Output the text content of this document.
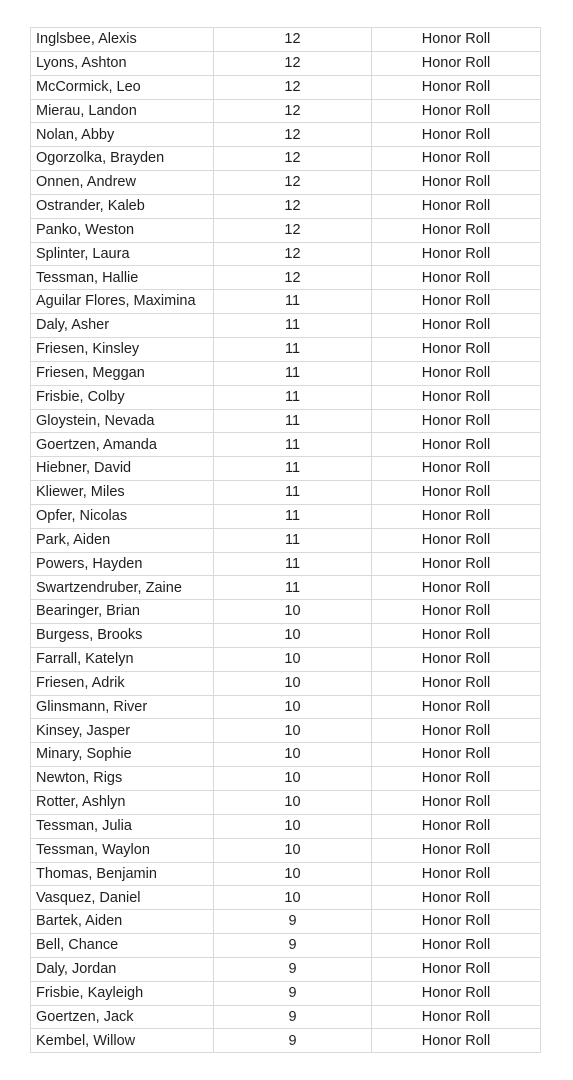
Inglsbee, Alexis	12	Honor Roll
Lyons, Ashton	12	Honor Roll
McCormick, Leo	12	Honor Roll
Mierau, Landon	12	Honor Roll
Nolan, Abby	12	Honor Roll
Ogorzolka, Brayden	12	Honor Roll
Onnen, Andrew	12	Honor Roll
Ostrander, Kaleb	12	Honor Roll
Panko, Weston	12	Honor Roll
Splinter, Laura	12	Honor Roll
Tessman, Hallie	12	Honor Roll
Aguilar Flores, Maximina	11	Honor Roll
Daly, Asher	11	Honor Roll
Friesen, Kinsley	11	Honor Roll
Friesen, Meggan	11	Honor Roll
Frisbie, Colby	11	Honor Roll
Gloystein, Nevada	11	Honor Roll
Goertzen, Amanda	11	Honor Roll
Hiebner, David	11	Honor Roll
Kliewer, Miles	11	Honor Roll
Opfer, Nicolas	11	Honor Roll
Park, Aiden	11	Honor Roll
Powers, Hayden	11	Honor Roll
Swartzendruber, Zaine	11	Honor Roll
Bearinger, Brian	10	Honor Roll
Burgess, Brooks	10	Honor Roll
Farrall, Katelyn	10	Honor Roll
Friesen, Adrik	10	Honor Roll
Glinsmann, River	10	Honor Roll
Kinsey, Jasper	10	Honor Roll
Minary, Sophie	10	Honor Roll
Newton, Rigs	10	Honor Roll
Rotter, Ashlyn	10	Honor Roll
Tessman, Julia	10	Honor Roll
Tessman, Waylon	10	Honor Roll
Thomas, Benjamin	10	Honor Roll
Vasquez, Daniel	10	Honor Roll
Bartek, Aiden	9	Honor Roll
Bell, Chance	9	Honor Roll
Daly, Jordan	9	Honor Roll
Frisbie, Kayleigh	9	Honor Roll
Goertzen, Jack	9	Honor Roll
Kembel, Willow	9	Honor Roll
